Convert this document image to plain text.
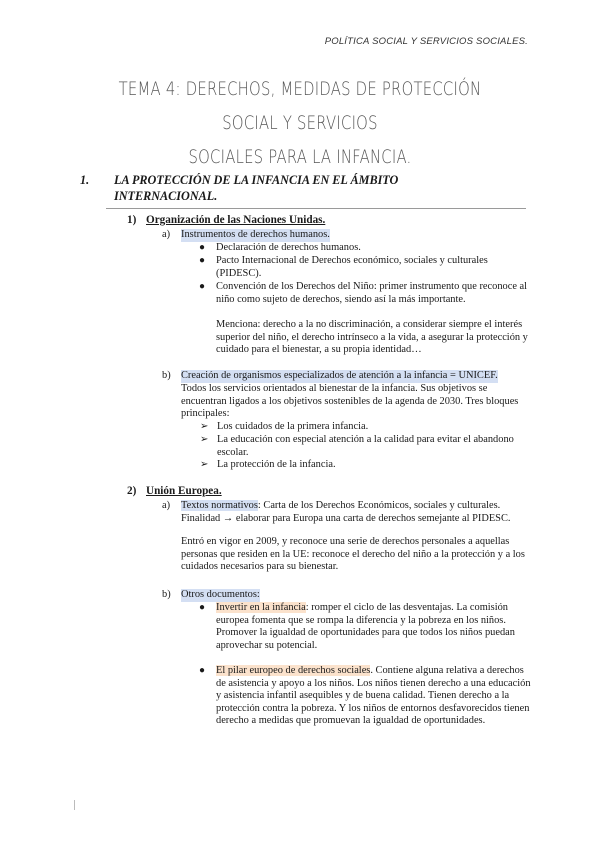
POLÍTICA SOCIAL Y SERVICIOS SOCIALES.
TEMA 4: DERECHOS, MEDIDAS DE PROTECCIÓN SOCIAL Y SERVICIOS
SOCIALES PARA LA INFANCIA.
1. LA PROTECCIÓN DE LA INFANCIA EN EL ÁMBITO INTERNACIONAL.
1) Organización de las Naciones Unidas.
a) Instrumentos de derechos humanos.
● Declaración de derechos humanos.
● Pacto Internacional de Derechos económico, sociales y culturales (PIDESC).
● Convención de los Derechos del Niño: primer instrumento que reconoce al niño como sujeto de derechos, siendo así la más importante.
Menciona: derecho a la no discriminación, a considerar siempre el interés superior del niño, el derecho intrínseco a la vida, a asegurar la protección y cuidado para el bienestar, a su propia identidad…
b) Creación de organismos especializados de atención a la infancia = UNICEF.
Todos los servicios orientados al bienestar de la infancia. Sus objetivos se encuentran ligados a los objetivos sostenibles de la agenda de 2030. Tres bloques principales:
➢ Los cuidados de la primera infancia.
➢ La educación con especial atención a la calidad para evitar el abandono escolar.
➢ La protección de la infancia.
2) Unión Europea.
a) Textos normativos: Carta de los Derechos Económicos, sociales y culturales. Finalidad → elaborar para Europa una carta de derechos semejante al PIDESC.
Entró en vigor en 2009, y reconoce una serie de derechos personales a aquellas personas que residen en la UE: reconoce el derecho del niño a la protección y a los cuidados necesarios para su bienestar.
b) Otros documentos:
● Invertir en la infancia: romper el ciclo de las desventajas. La comisión europea fomenta que se rompa la diferencia y la pobreza en los niños. Promover la igualdad de oportunidades para que todos los niños puedan aprovechar su potencial.
● El pilar europeo de derechos sociales. Contiene alguna relativa a derechos de asistencia y apoyo a los niños. Los niños tienen derecho a una educación y asistencia infantil asequibles y de buena calidad. Tienen derecho a la protección contra la pobreza. Y los niños de entornos desfavorecidos tienen derecho a medidas que promuevan la igualdad de oportunidades.
